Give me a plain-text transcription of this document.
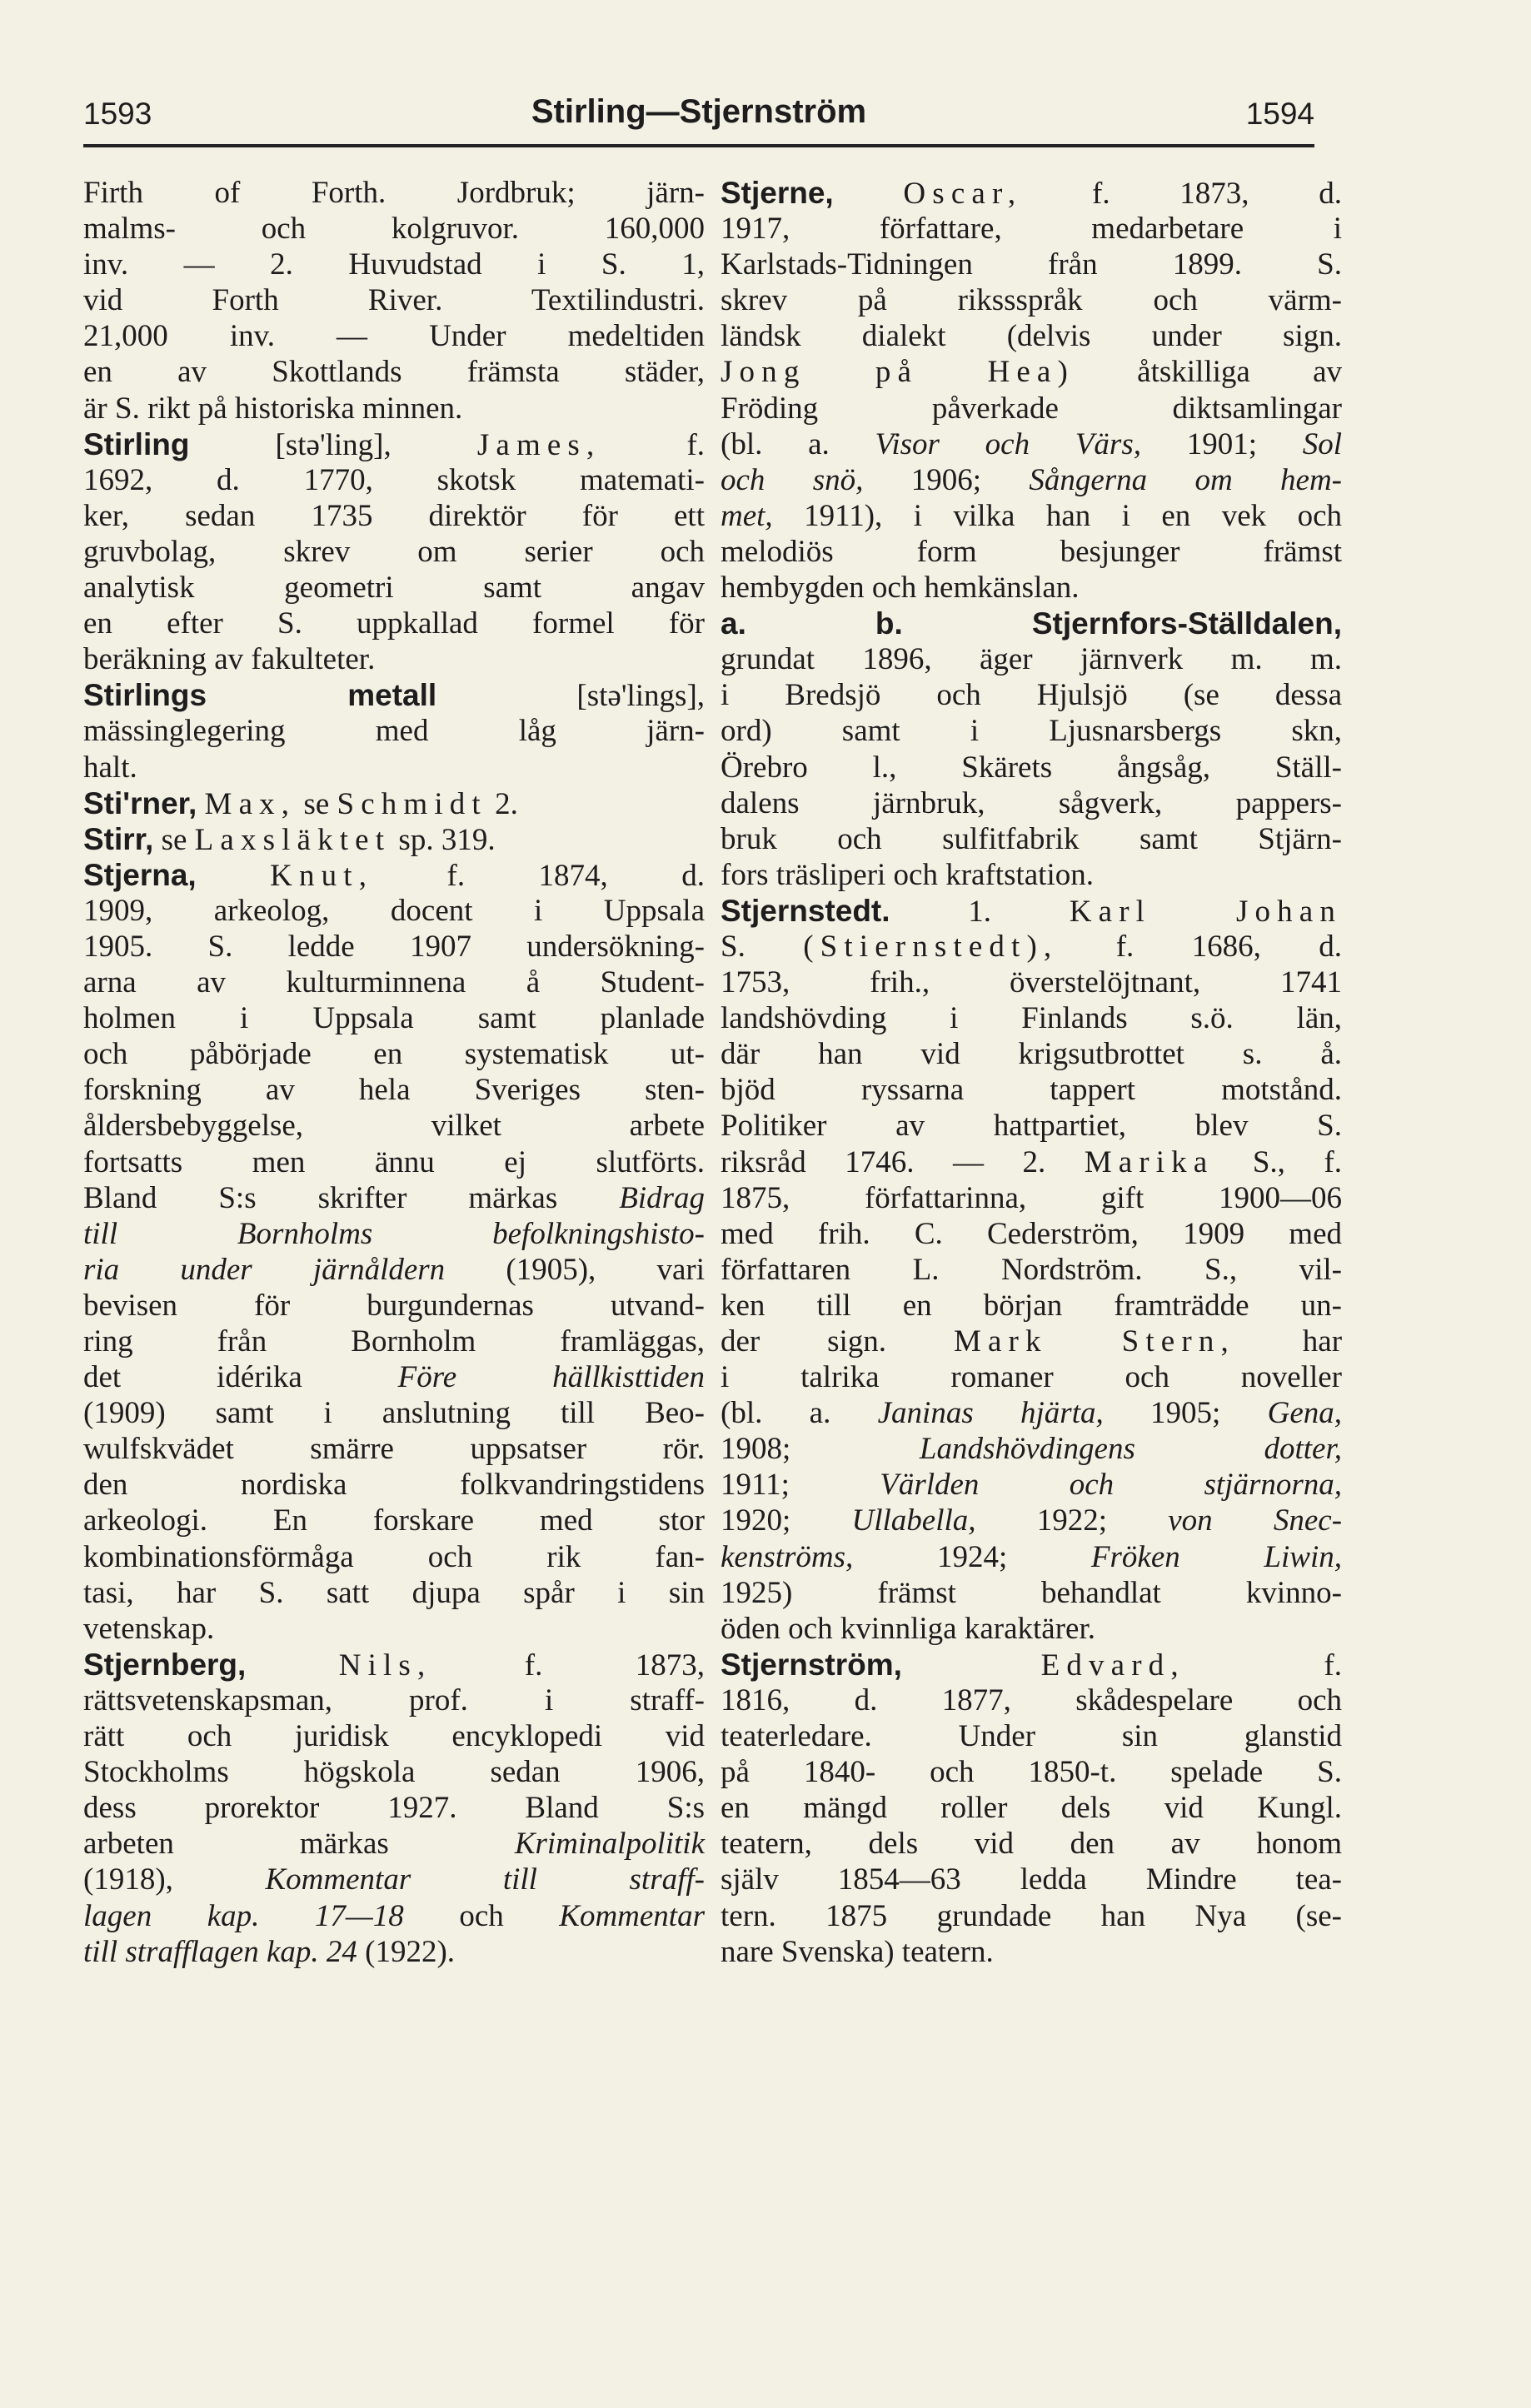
1593	Stirling—Stjernström	1594
Firth of Forth. Jordbruk; järn-
malms- och kolgruvor. 160,000
inv. — 2. Huvudstad i S. 1,
vid Forth River. Textilindustri.
21,000 inv. — Under medeltiden
en av Skottlands främsta städer,
är S. rikt på historiska minnen.
Stirling	[stə'ling],	James,	f.
1692, d. 1770, skotsk matemati-
ker, sedan 1735 direktör för ett
gruvbolag, skrev om serier och
analytisk geometri samt angav
en efter S. uppkallad formel för
beräkning av fakulteter.
Stirlings metall	[stə'lings],
mässinglegering med låg järn-
halt.
Sti'rner, Max, se Schmidt 2.
Stirr, se Laxsläktet sp. 319.
Stjerna, Knut, f. 1874, d.
1909, arkeolog, docent i Uppsala
1905. S. ledde 1907 undersökning-
arna av kulturminnena å Student-
holmen i Uppsala samt planlade
och påbörjade en systematisk ut-
forskning av hela Sveriges sten-
åldersbebyggelse, vilket arbete
fortsatts men ännu ej slutförts.
Bland S:s skrifter märkas Bidrag
till Bornholms befolkningshisto-
ria under järnåldern (1905), vari
bevisen för burgundernas utvand-
ring från Bornholm framläggas,
det idérika	Före hällkisttiden
(1909) samt i anslutning till Beo-
wulfskvädet smärre uppsatser rör.
den nordiska folkvandringstidens
arkeologi. En forskare med stor
kombinationsförmåga och rik fan-
tasi, har S. satt djupa spår i sin
vetenskap.
Stjernberg,	Nils,	f. 1873,
rättsvetenskapsman, prof. i straff-
rätt och juridisk encyklopedi vid
Stockholms högskola sedan 1906,
dess prorektor 1927. Bland S:s
arbeten märkas	Kriminalpolitik
(1918),	Kommentar till straff-
lagen kap. 17—18 och Kommentar
till strafflagen kap. 24 (1922).
Stjerne, Oscar, f. 1873, d.
1917, författare, medarbetare i
Karlstads-Tidningen från 1899. S.
skrev på rikssspråk och värm-
ländsk dialekt (delvis under sign.
Jong på Hea) åtskilliga av
Fröding påverkade diktsamlingar
(bl. a. Visor och Värs, 1901; Sol
och snö, 1906; Sångerna om hem-
met, 1911), i vilka han i en vek och
melodiös form besjunger främst
hembygden och hemkänslan.
a. b. Stjernfors-Ställdalen,
grundat 1896, äger järnverk m. m.
i Bredsjö och Hjulsjö (se dessa
ord) samt i Ljusnarsbergs skn,
Örebro l., Skärets ångsåg, Ställ-
dalens järnbruk, sågverk, pappers-
bruk och sulfitfabrik samt Stjärn-
fors träsliperi och kraftstation.
Stjernstedt.	1.	Karl Johan
S. (Stiernstedt), f. 1686, d.
1753, frih., överstelöjtnant, 1741
landshövding i Finlands s.ö. län,
där han vid krigsutbrottet s. å.
bjöd ryssarna tappert motstånd.
Politiker av hattpartiet, blev S.
riksråd 1746. — 2. Marika S., f.
1875, författarinna, gift 1900—06
med frih. C. Cederström, 1909 med
författaren L. Nordström. S., vil-
ken till en början framträdde un-
der sign. Mark Stern, har
i talrika romaner och noveller
(bl. a. Janinas hjärta, 1905; Gena,
1908;	Landshövdingens dotter,
1911;	Världen och stjärnorna,
1920; Ullabella, 1922; von Snec-
kenströms,	1924;	Fröken Liwin,
1925) främst behandlat kvinno-
öden och kvinnliga karaktärer.
Stjernström,	Edvard,	f.
1816, d. 1877, skådespelare och
teaterledare. Under sin glanstid
på 1840- och 1850-t. spelade S.
en mängd roller dels vid Kungl.
teatern, dels vid den av honom
själv 1854—63 ledda Mindre tea-
tern. 1875 grundade han Nya (se-
nare Svenska) teatern.
